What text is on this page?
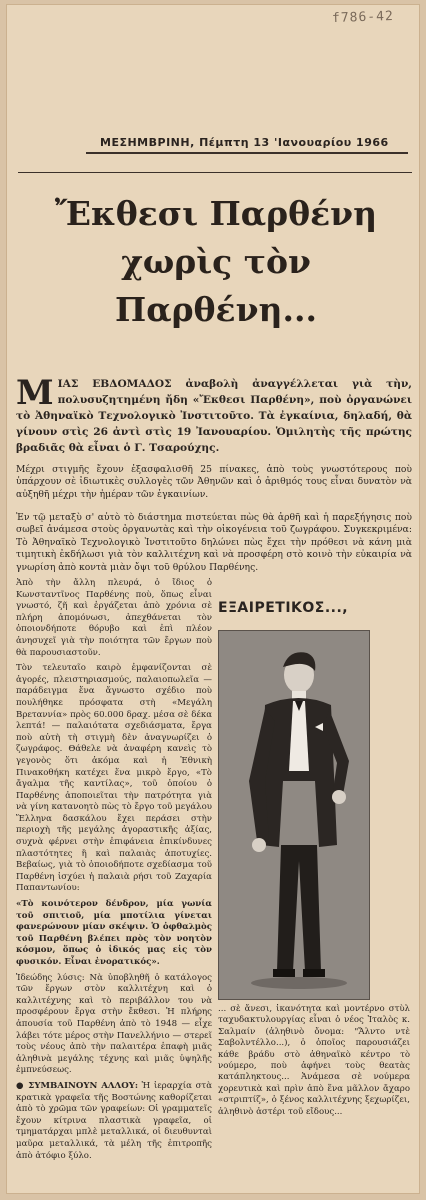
f786-42
ΜΕΣΗΜΒΡΙΝΗ, Πέμπτη 13 'Ιανουαρίου 1966
Ἔκθεσι Παρθένη
χωρὶς τὸν
Παρθένη...
Μ ΙΑΣ ΕΒΔΟΜΑΔΟΣ ἀναβολὴ ἀναγγέλλεται γιὰ τὴν, πολυσυζητημένη ἤδη «Ἔκθεσι Παρθένη», ποὺ ὀργανώνει τὸ Ἀθηναϊκὸ Τεχνολογικὸ Ἰνστιτοῦτο. Τὰ ἐγκαίνια, δηλαδή, θὰ γίνουν στὶς 26 ἀντὶ στὶς 19 Ἰανουαρίου. Ὁμιλητὴς τῆς πρώτης βραδιᾶς θὰ εἶναι ὁ Γ. Τσαρούχης.
Μέχρι στιγμῆς ἔχουν ἐξασφαλισθῆ 25 πίνακες, ἀπὸ τοὺς γνωστότερους ποὺ ὑπάρχουν σὲ ἰδιωτικὲς συλλογὲς τῶν Ἀθηνῶν καὶ ὁ ἀριθμός τους εἶναι δυνατὸν νὰ αὐξηθῆ μέχρι τὴν ἡμέραν τῶν ἐγκαινίων.
Ἐν τῷ μεταξὺ σ' αὐτὸ τὸ διάστημα πιστεύεται πὼς θὰ ἀρθῆ καὶ ἡ παρεξήγησις ποὺ σωβεῖ ἀνάμεσα στοὺς ὀργανωτὰς καὶ τὴν οἰκογένεια τοῦ ζωγράφου. Συγκεκριμένα: Τὸ Ἀθηναϊκὸ Τεχνολογικὸ Ἰνστιτοῦτο δηλώνει πὼς ἔχει τὴν πρόθεσι νὰ κάνη μιὰ τιμητικὴ ἐκδήλωσι γιὰ τὸν καλλιτέχνη καὶ νὰ προσφέρη στὸ κοινὸ τὴν εὐκαιρία νὰ γνωρίση ἀπὸ κοντὰ μιὰν ὄψι τοῦ θρύλου Παρθένης.

Ἀπὸ τὴν ἄλλη πλευρά, ὁ ἴδιος ὁ Κωνσταντῖνος Παρθένης ποὺ, ὅπως εἶναι γνωστό, ζῆ καὶ ἐργάζεται ἀπὸ χρόνια σὲ πλήρη ἀπομόνωσι, ἀπεχθάνεται τὸν ὁποιονδήποτε θόρυβο καὶ ἐπὶ πλέον ἀνησυχεῖ γιὰ τὴν ποιότητα τῶν ἔργων ποὺ θὰ παρουσιαστοῦν.

Τὸν τελευταῖο καιρὸ ἐμφανίζονται σὲ ἀγορές, πλειστηριασμούς, παλαιοπωλεῖα — παράδειγμα ἕνα ἄγνωστο σχέδιο ποὺ πουλήθηκε πρόσφατα στὴ «Μεγάλη Βρεταννία» πρὸς 60.000 δραχ. μέσα σὲ δέκα λεπτά! — παλαιότατα σχεδιάσματα, ἔργα ποὺ αὐτὴ τὴ στιγμὴ δὲν ἀναγνωρίζει ὁ ζωγράφος. Θάθελε νὰ ἀναφέρη κανεὶς τὸ γεγονὸς ὅτι ἀκόμα καὶ ἡ Ἐθνικὴ Πινακοθήκη κατέχει ἕνα μικρὸ ἔργο, «Τὸ ἄγαλμα τῆς καντίλας», τοῦ ὁποίου ὁ Παρθένης ἀποποιεῖται τὴν πατρότητα γιὰ νὰ γίνη κατανοητὸ πὼς τὸ ἔργο τοῦ μεγάλου Ἕλληνα δασκάλου ἔχει περάσει στὴν περιοχὴ τῆς μεγάλης ἀγοραστικῆς ἀξίας, συχνὰ φέρνει στὴν ἐπιφάνεια ἐπικίνδυνες πλαστότητες ἢ καὶ παλαιὰς ἀποτυχίες. Βεβαίως, γιὰ τὸ ὁποιοδήποτε σχεδίασμα τοῦ Παρθένη ἰσχύει ἡ παλαιὰ ρήσι τοῦ Ζαχαρία Παπαντωνίου:

«Τὸ κοινότερον δένδρον, μία γωνία τοῦ σπιτιοῦ, μία μποτίλια γίνεται φανερώνουν μίαν σκέψιν. Ὁ ὀφθαλμὸς τοῦ Παρθένη βλέπει πρὸς τὸν νοητὸν κόσμον, ὅπως ὁ ἰδικός μας εἰς τὸν φυσικόν. Εἶναι ἐνορατικός».

Ἰδεώδης λύσις: Νὰ ὑποβληθῆ ὁ κατάλογος τῶν ἔργων στὸν καλλιτέχνη καὶ ὁ καλλιτέχνης καὶ τὸ περιβάλλον του νὰ προσφέρουν ἔργα στὴν ἔκθεσι. Ἡ πλήρης ἀπουσία τοῦ Παρθένη ἀπὸ τὸ 1948 — εἶχε λάβει τότε μέρος στὴν Πανελλήνιο — στερεῖ τοὺς νέους ἀπὸ τὴν παλαιτέρα ἐπαφὴ μιᾶς ἀληθινὰ μεγάλης τέχνης καὶ μιᾶς ὑψηλῆς ἐμπνεύσεως.

● ΣΥΜΒΑΙΝΟΥΝ ΑΛΛΟΥ: Ἡ ἱεραρχία στὰ κρατικὰ γραφεῖα τῆς Βοστώνης καθορίζεται ἀπὸ τὸ χρῶμα τῶν γραφείων: Οἱ γραμματεῖς ἔχουν κίτρινα πλαστικὰ γραφεῖα, οἱ τμηματάρχαι μπλὲ μεταλλικά, οἱ διευθυνταὶ μαῦρα μεταλλικά, τὰ μέλη τῆς ἐπιτροπῆς ἀπὸ ἀτόφιο ξύλο.

ΕΞΑΙΡΕΤΙΚΟΣ...,
... σὲ ἄνεσι, ἱκανότητα καὶ μοντέρνο στὺλ ταχυδακτυλουργίας εἶναι ὁ νέος Ἰταλὸς κ. Σαλμαίν (ἀληθινὸ ὄνομα: "Ἄλντο ντὲ Σαβολντέλλο...), ὁ ὁποῖος παρουσιάζει κάθε βράδυ στὸ ἀθηναϊκὸ κέντρο τὸ νούμερο, ποὺ ἀφήνει τοὺς θεατὰς κατάπληκτους... Ἀνάμεσα σὲ νούμερα χορευτικὰ καὶ πρὶν ἀπὸ ἕνα μᾶλλον ἄχαρο «στριπτίζ», ὁ ξένος καλλιτέχνης ξεχωρίζει, ἀληθινὸ ἀστέρι τοῦ εἴδους...
